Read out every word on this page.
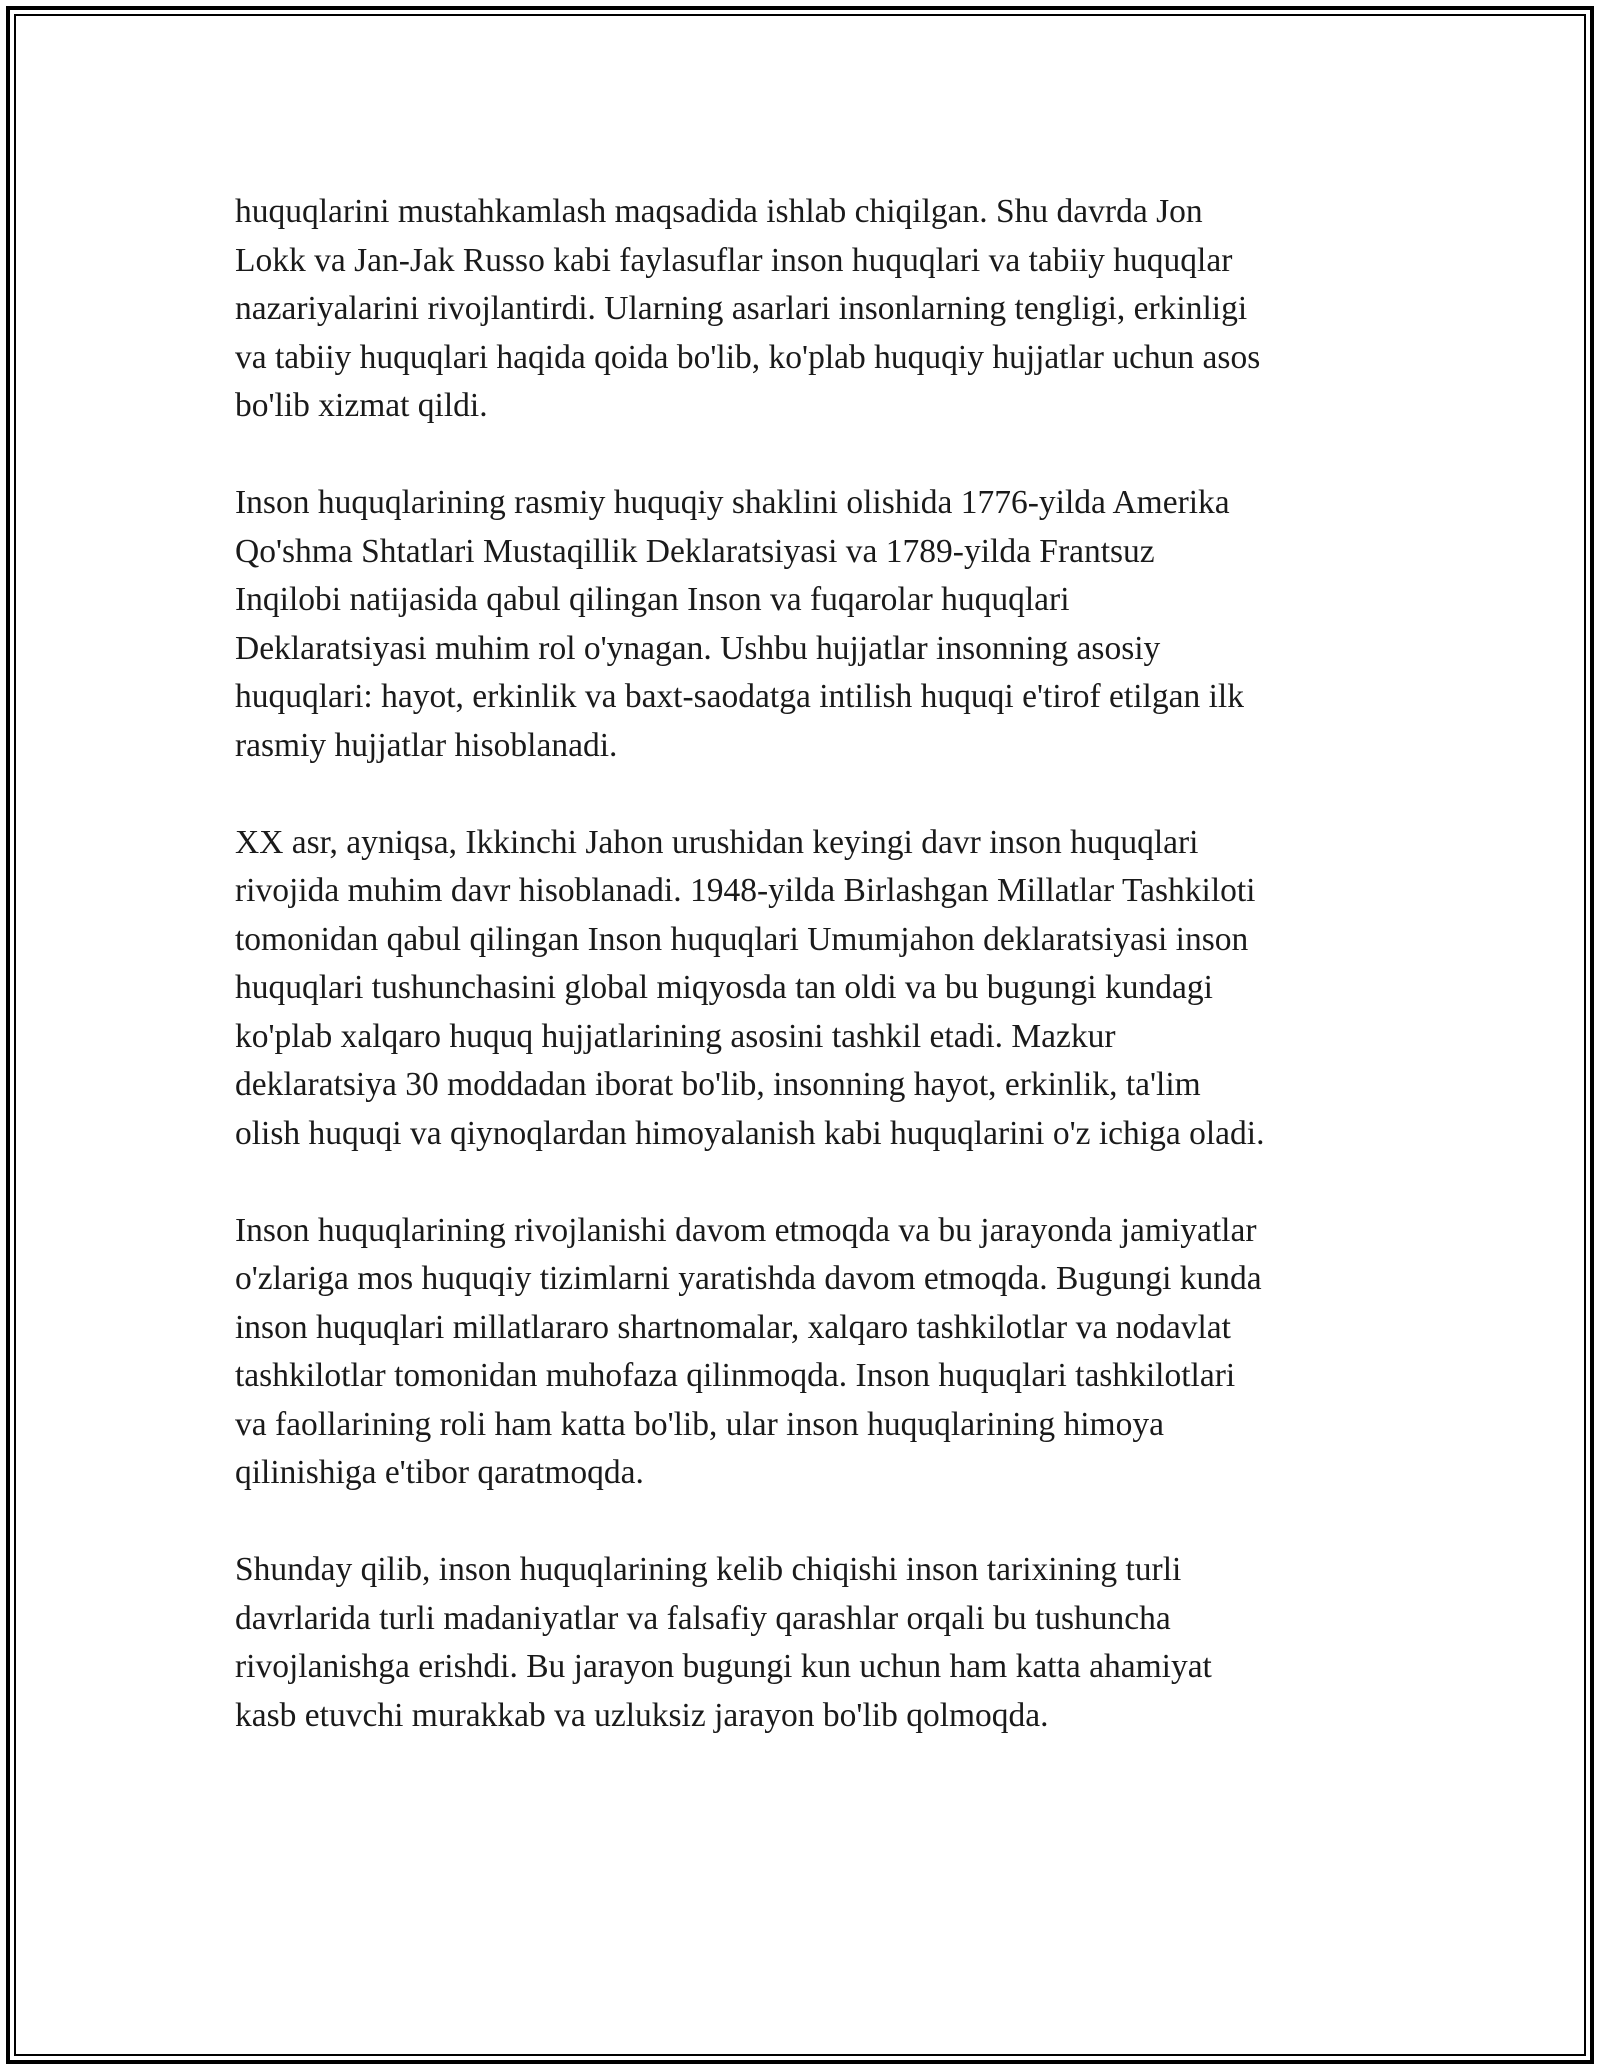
huquqlarini mustahkamlash maqsadida ishlab chiqilgan. Shu davrda Jon
Lokk va Jan-Jak Russo kabi faylasuflar inson huquqlari va tabiiy huquqlar
nazariyalarini rivojlantirdi. Ularning asarlari insonlarning tengligi, erkinligi
va tabiiy huquqlari haqida qoida bo'lib, ko'plab huquqiy hujjatlar uchun asos
bo'lib xizmat qildi.

Inson huquqlarining rasmiy huquqiy shaklini olishida 1776-yilda Amerika
Qo'shma Shtatlari Mustaqillik Deklaratsiyasi va 1789-yilda Frantsuz
Inqilobi natijasida qabul qilingan Inson va fuqarolar huquqlari
Deklaratsiyasi muhim rol o'ynagan. Ushbu hujjatlar insonning asosiy
huquqlari: hayot, erkinlik va baxt-saodatga intilish huquqi e'tirof etilgan ilk
rasmiy hujjatlar hisoblanadi.

XX asr, ayniqsa, Ikkinchi Jahon urushidan keyingi davr inson huquqlari
rivojida muhim davr hisoblanadi. 1948-yilda Birlashgan Millatlar Tashkiloti
tomonidan qabul qilingan Inson huquqlari Umumjahon deklaratsiyasi inson
huquqlari tushunchasini global miqyosda tan oldi va bu bugungi kundagi
ko'plab xalqaro huquq hujjatlarining asosini tashkil etadi. Mazkur
deklaratsiya 30 moddadan iborat bo'lib, insonning hayot, erkinlik, ta'lim
olish huquqi va qiynoqlardan himoyalanish kabi huquqlarini o'z ichiga oladi.

Inson huquqlarining rivojlanishi davom etmoqda va bu jarayonda jamiyatlar
o'zlariga mos huquqiy tizimlarni yaratishda davom etmoqda. Bugungi kunda
inson huquqlari millatlararo shartnomalar, xalqaro tashkilotlar va nodavlat
tashkilotlar tomonidan muhofaza qilinmoqda. Inson huquqlari tashkilotlari
va faollarining roli ham katta bo'lib, ular inson huquqlarining himoya
qilinishiga e'tibor qaratmoqda.

Shunday qilib, inson huquqlarining kelib chiqishi inson tarixining turli
davrlarida turli madaniyatlar va falsafiy qarashlar orqali bu tushuncha
rivojlanishga erishdi. Bu jarayon bugungi kun uchun ham katta ahamiyat
kasb etuvchi murakkab va uzluksiz jarayon bo'lib qolmoqda.
